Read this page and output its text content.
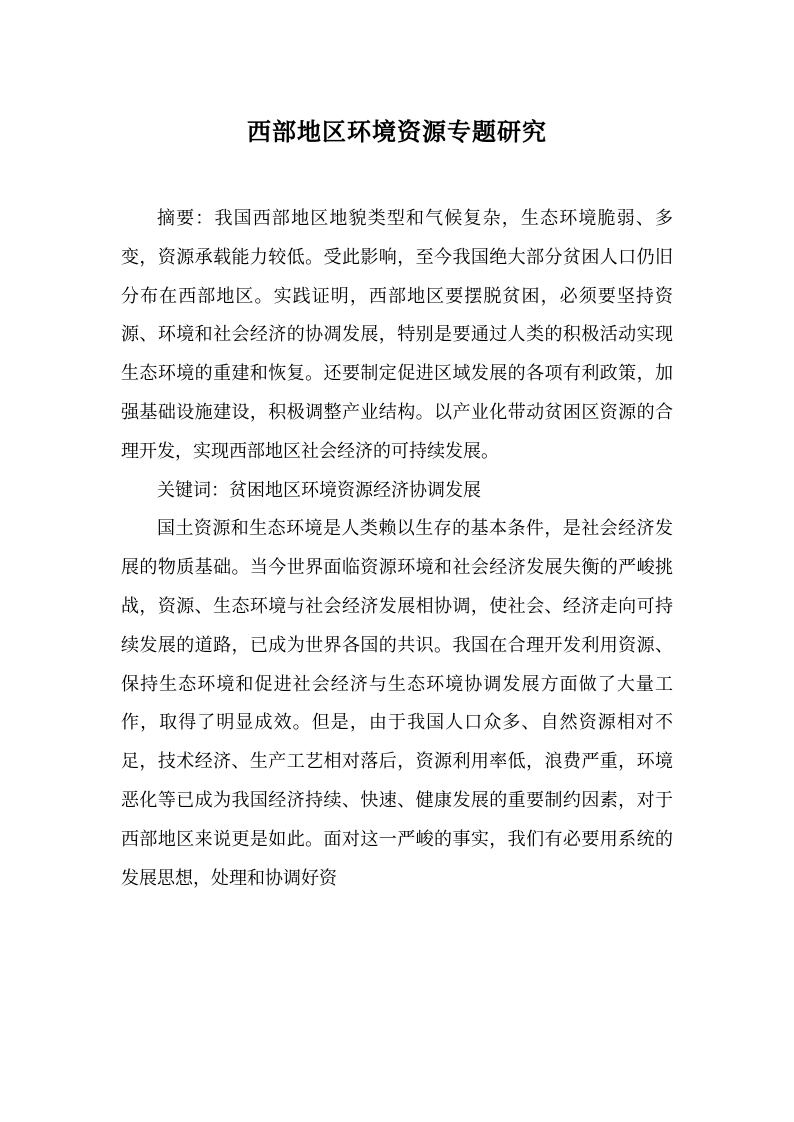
西部地区环境资源专题研究

摘要：我国西部地区地貌类型和气候复杂，生态环境脆弱、多变，资源承载能力较低。受此影响，至今我国绝大部分贫困人口仍旧分布在西部地区。实践证明，西部地区要摆脱贫困，必须要坚持资源、环境和社会经济的协凋发展，特别是要通过人类的积极活动实现生态环境的重建和恢复。还要制定促进区域发展的各项有利政策，加强基础设施建设，积极调整产业结构。以产业化带动贫困区资源的合理开发，实现西部地区社会经济的可持续发展。

关键词：贫困地区环境资源经济协调发展

国土资源和生态环境是人类赖以生存的基本条件，是社会经济发展的物质基础。当今世界面临资源环境和社会经济发展失衡的严峻挑战，资源、生态环境与社会经济发展相协调，使社会、经济走向可持续发展的道路，已成为世界各国的共识。我国在合理开发利用资源、保持生态环境和促进社会经济与生态环境协调发展方面做了大量工作，取得了明显成效。但是，由于我国人口众多、自然资源相对不足，技术经济、生产工艺相对落后，资源利用率低，浪费严重，环境恶化等已成为我国经济持续、快速、健康发展的重要制约因素，对于西部地区来说更是如此。面对这一严峻的事实，我们有必要用系统的发展思想，处理和协调好资
